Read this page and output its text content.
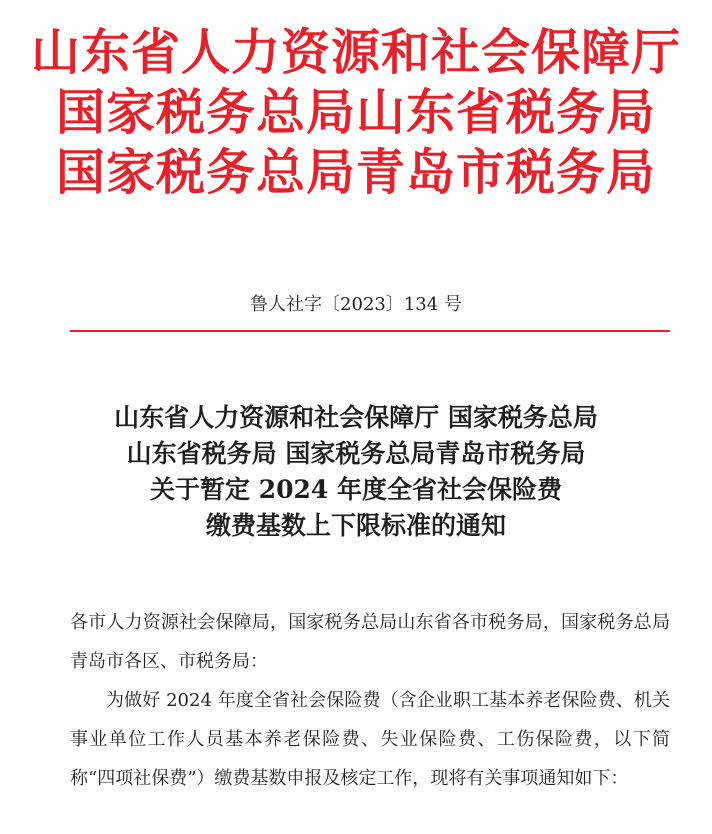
山东省人力资源和社会保障厅
国家税务总局山东省税务局
国家税务总局青岛市税务局
鲁人社字〔2023〕134 号
山东省人力资源和社会保障厅 国家税务总局
山东省税务局 国家税务总局青岛市税务局
关于暂定 2024 年度全省社会保险费
缴费基数上下限标准的通知

各市人力资源社会保障局，国家税务总局山东省各市税务局，国家税务总局青岛市各区、市税务局：

为做好 2024 年度全省社会保险费（含企业职工基本养老保险费、机关事业单位工作人员基本养老保险费、失业保险费、工伤保险费，以下简称“四项社保费”）缴费基数申报及核定工作，现将有关事项通知如下：
